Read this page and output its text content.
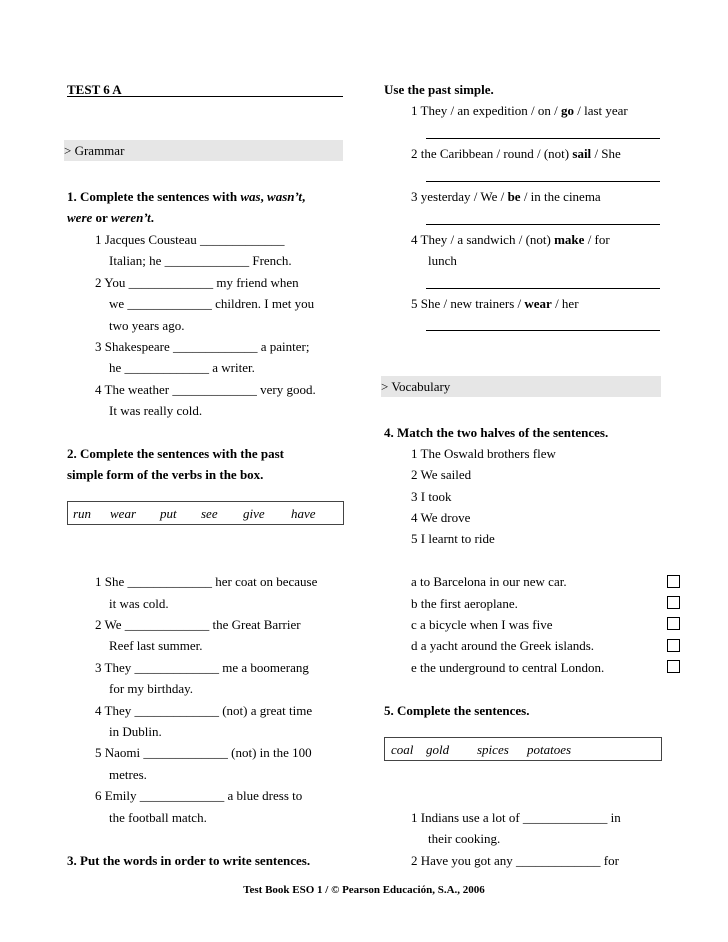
TEST 6 A
> Grammar
1. Complete the sentences with was, wasn’t,
were or weren’t.
1 Jacques Cousteau _____________
Italian; he _____________ French.
2 You _____________ my friend when
we _____________ children. I met you
two years ago.
3 Shakespeare _____________ a painter;
he _____________ a writer.
4 The weather _____________ very good.
It was really cold.
2. Complete the sentences with the past
simple form of the verbs in the box.
run wear put see give have
1 She _____________ her coat on because
it was cold.
2 We _____________ the Great Barrier
Reef last summer.
3 They _____________ me a boomerang
for my birthday.
4 They _____________ (not) a great time
in Dublin.
5 Naomi _____________ (not) in the 100
metres.
6 Emily _____________ a blue dress to
the football match.
3. Put the words in order to write sentences.
Use the past simple.
1 They / an expedition / on / go / last year
2 the Caribbean / round / (not) sail / She
3 yesterday / We / be / in the cinema
4 They / a sandwich / (not) make / for
lunch
5 She / new trainers / wear / her
> Vocabulary
4. Match the two halves of the sentences.
1 The Oswald brothers flew
2 We sailed
3 I took
4 We drove
5 I learnt to ride
a to Barcelona in our new car.
b the first aeroplane.
c a bicycle when I was five
d a yacht around the Greek islands.
e the underground to central London.
5. Complete the sentences.
coal gold spices potatoes
1 Indians use a lot of _____________ in
their cooking.
2 Have you got any _____________ for
Test Book ESO 1 / © Pearson Educación, S.A., 2006
